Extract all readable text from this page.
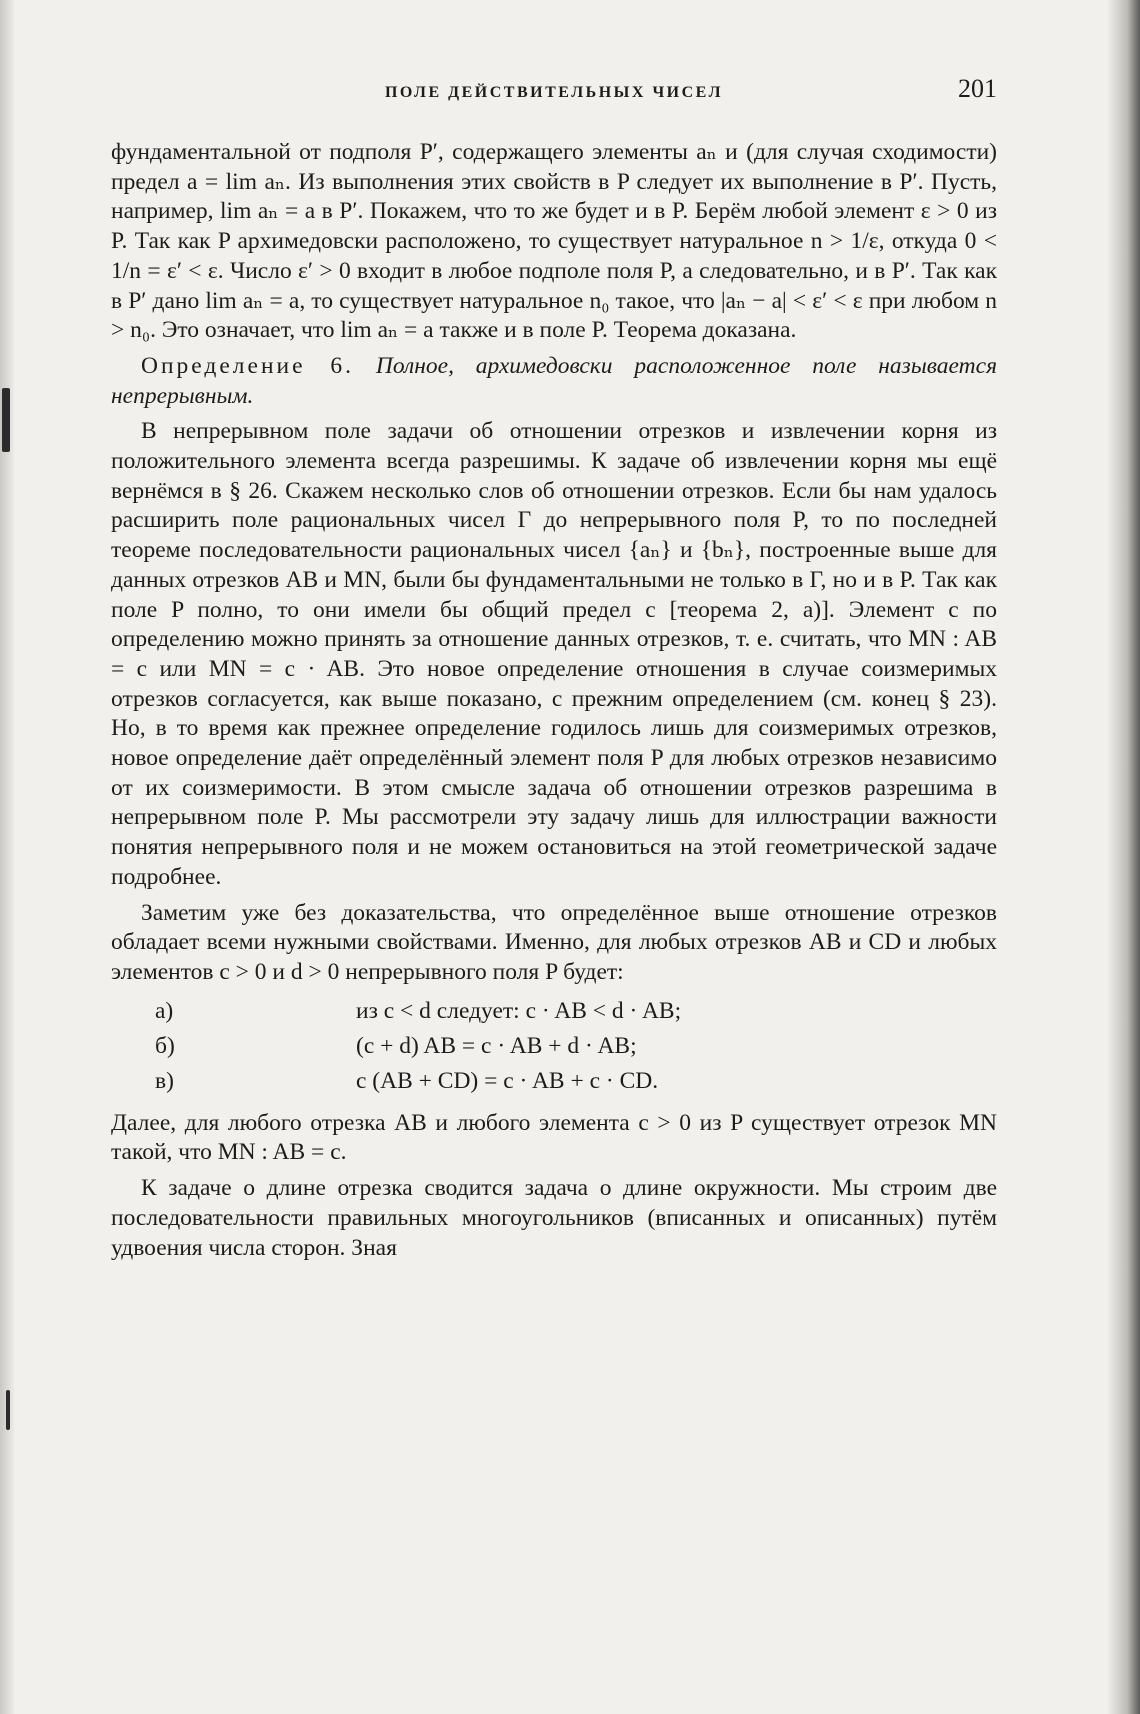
ПОЛЕ ДЕЙСТВИТЕЛЬНЫХ ЧИСЕЛ	201

фундаментальной от подполя P′, содержащего элементы aₙ и (для случая сходимости) предел a = lim aₙ. Из выполнения этих свойств в P следует их выполнение в P′. Пусть, например, lim aₙ = a в P′. Покажем, что то же будет и в P. Берём любой элемент ε > 0 из P. Так как P архимедовски расположено, то существует натуральное n > 1/ε, откуда 0 < 1/n = ε′ < ε. Число ε′ > 0 входит в любое подполе поля P, а следовательно, и в P′. Так как в P′ дано lim aₙ = a, то существует натуральное n₀ такое, что |aₙ − a| < ε′ < ε при любом n > n₀. Это означает, что lim aₙ = a также и в поле P. Теорема доказана.

Определение 6. Полное, архимедовски расположенное поле называется непрерывным.

В непрерывном поле задачи об отношении отрезков и извлечении корня из положительного элемента всегда разрешимы. К задаче об извлечении корня мы ещё вернёмся в § 26. Скажем несколько слов об отношении отрезков. Если бы нам удалось расширить поле рациональных чисел Г до непрерывного поля P, то по последней теореме последовательности рациональных чисел {aₙ} и {bₙ}, построенные выше для данных отрезков AB и MN, были бы фундаментальными не только в Г, но и в P. Так как поле P полно, то они имели бы общий предел c [теорема 2, а)]. Элемент c по определению можно принять за отношение данных отрезков, т. е. считать, что MN : AB = c или MN = c · AB. Это новое определение отношения в случае соизмеримых отрезков согласуется, как выше показано, с прежним определением (см. конец § 23). Но, в то время как прежнее определение годилось лишь для соизмеримых отрезков, новое определение даёт определённый элемент поля P для любых отрезков независимо от их соизмеримости. В этом смысле задача об отношении отрезков разрешима в непрерывном поле P. Мы рассмотрели эту задачу лишь для иллюстрации важности понятия непрерывного поля и не можем остановиться на этой геометрической задаче подробнее.

Заметим уже без доказательства, что определённое выше отношение отрезков обладает всеми нужными свойствами. Именно, для любых отрезков AB и CD и любых элементов c > 0 и d > 0 непрерывного поля P будет:

а)	из c < d следует: c · AB < d · AB;
б)	(c + d) AB = c · AB + d · AB;
в)	c (AB + CD) = c · AB + c · CD.

Далее, для любого отрезка AB и любого элемента c > 0 из P существует отрезок MN такой, что MN : AB = c.

К задаче о длине отрезка сводится задача о длине окружности. Мы строим две последовательности правильных многоугольников (вписанных и описанных) путём удвоения числа сторон. Зная
